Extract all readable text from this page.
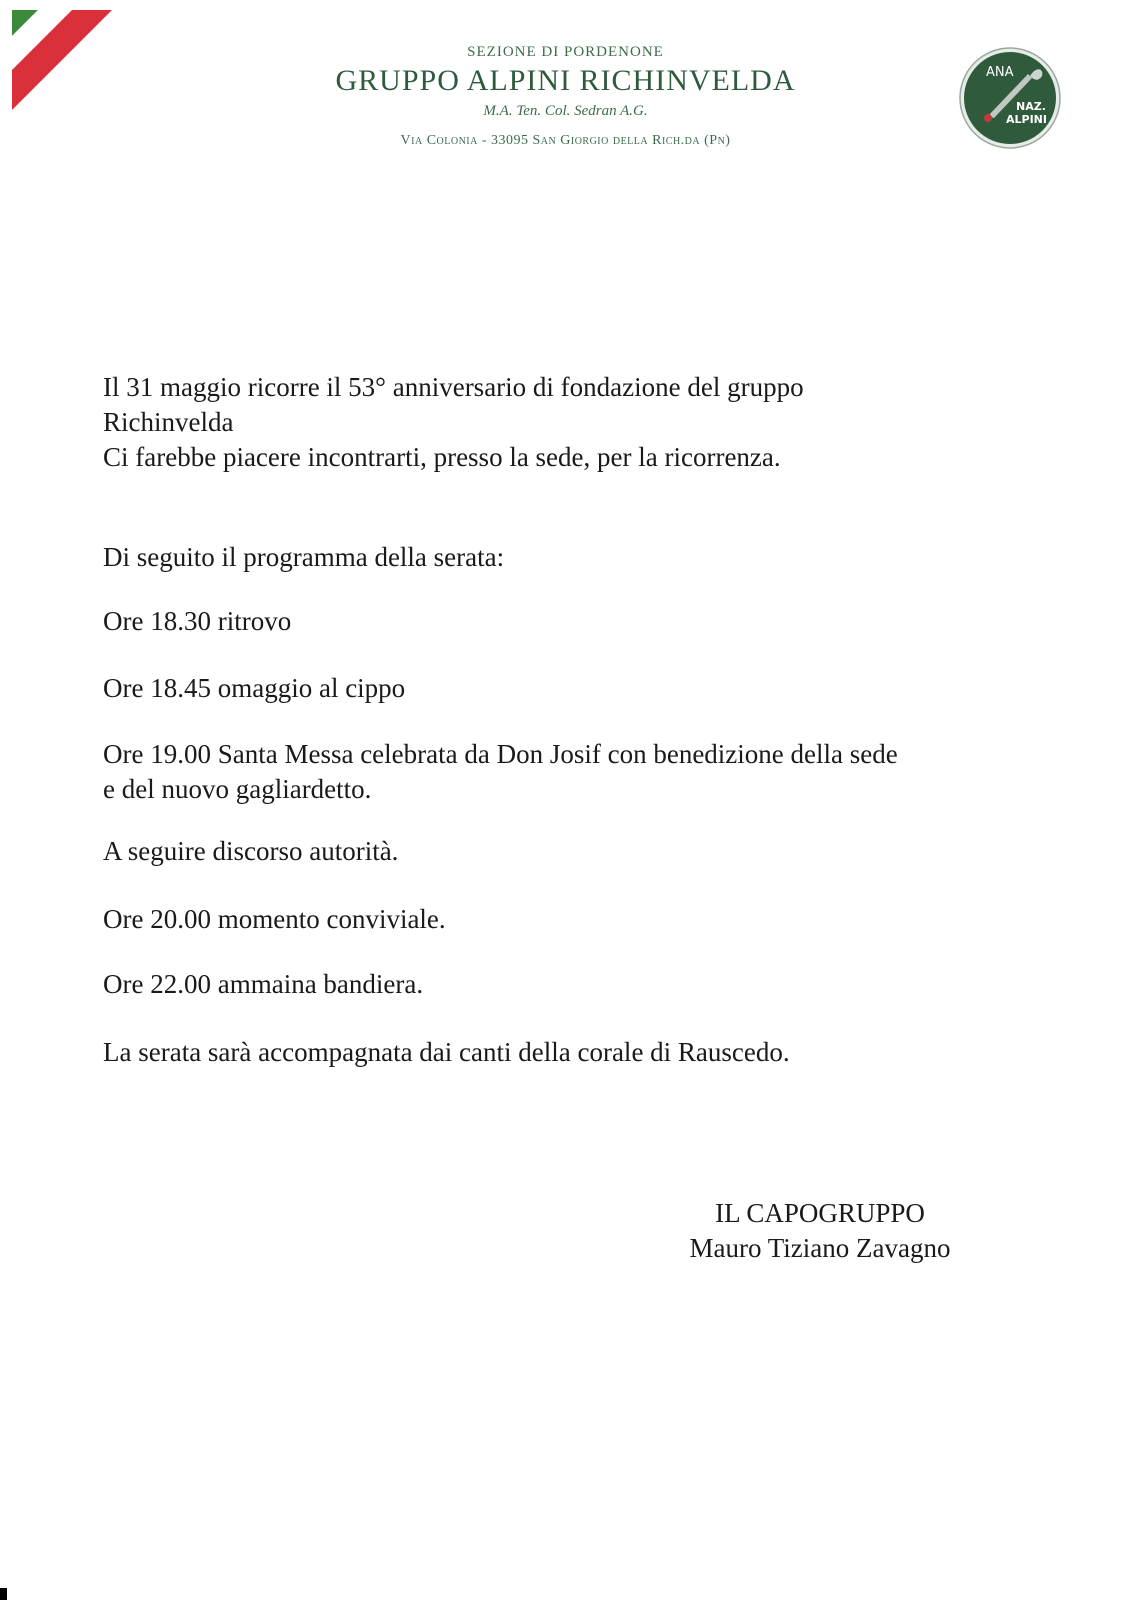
SEZIONE DI PORDENONE
GRUPPO ALPINI RICHINVELDA
M.A. Ten. Col. Sedran A.G.
Via Colonia - 33095 San Giorgio della Rich.da (Pn)
ANA
NAZ.
ALPINI
Il 31 maggio ricorre il 53° anniversario di fondazione del gruppo
Richinvelda
Ci farebbe piacere incontrarti, presso la sede, per la ricorrenza.
Di seguito il programma della serata:
Ore 18.30 ritrovo
Ore 18.45 omaggio al cippo
Ore 19.00 Santa Messa celebrata da Don Josif con benedizione della sede
e del nuovo gagliardetto.
A seguire discorso autorità.
Ore 20.00 momento conviviale.
Ore 22.00 ammaina bandiera.
La serata sarà accompagnata dai canti della corale di Rauscedo.
IL CAPOGRUPPO
Mauro Tiziano Zavagno
